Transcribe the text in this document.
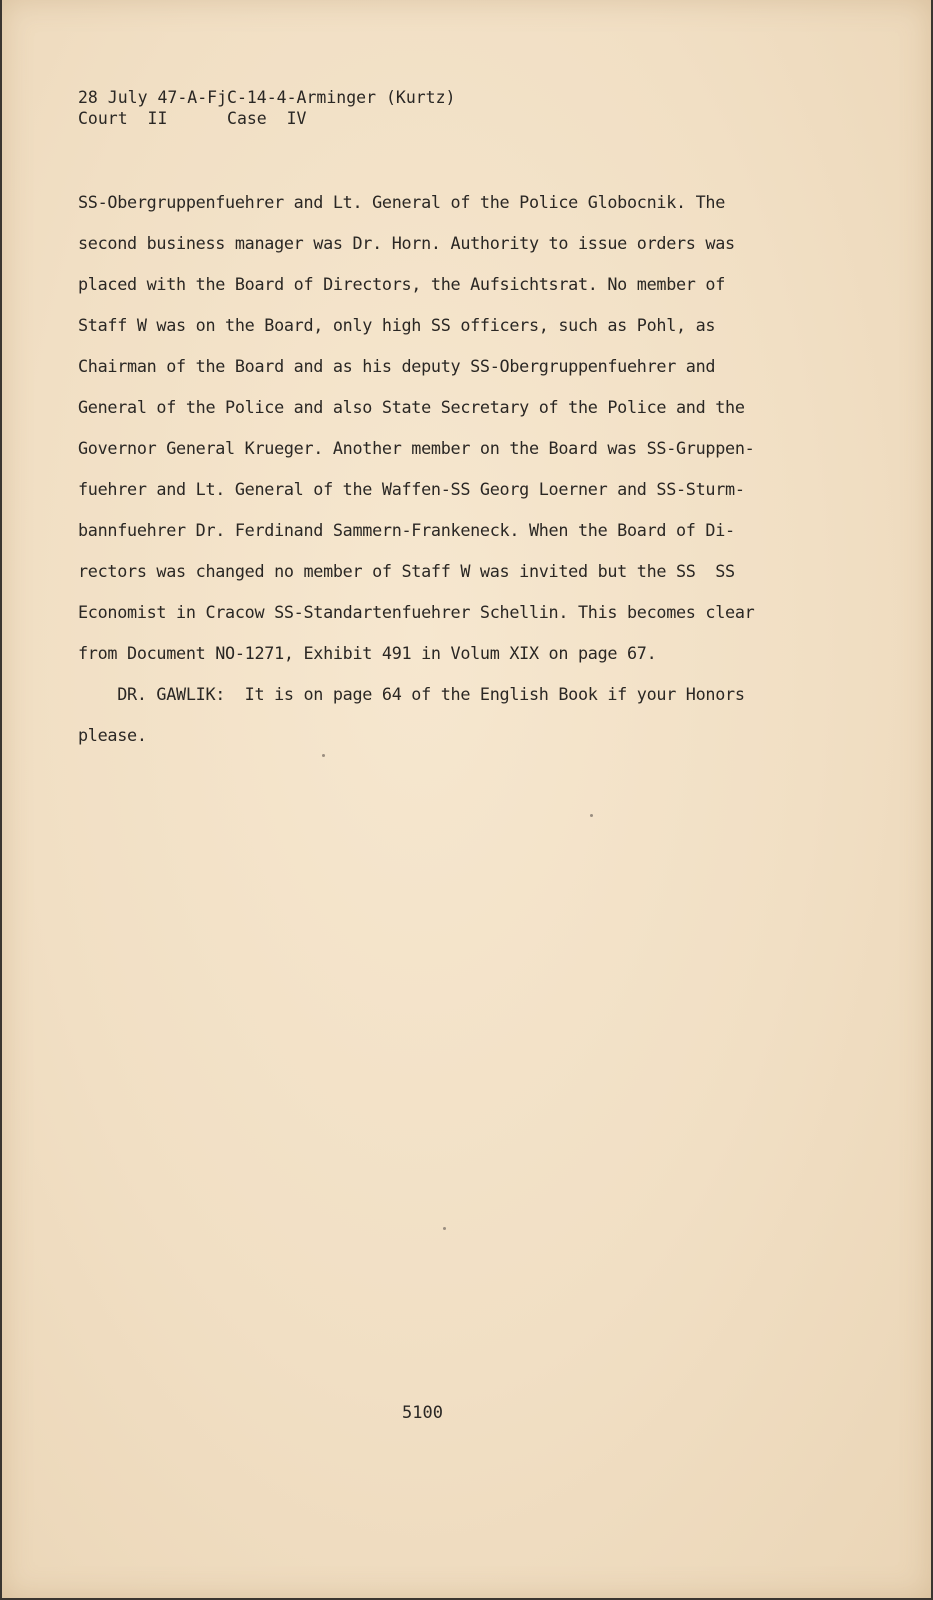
28 July 47-A-FjC-14-4-Arminger (Kurtz)
Court  II      Case  IV
SS-Obergruppenfuehrer and Lt. General of the Police Globocnik. The
second business manager was Dr. Horn. Authority to issue orders was
placed with the Board of Directors, the Aufsichtsrat. No member of
Staff W was on the Board, only high SS officers, such as Pohl, as
Chairman of the Board and as his deputy SS-Obergruppenfuehrer and
General of the Police and also State Secretary of the Police and the
Governor General Krueger. Another member on the Board was SS-Gruppen-
fuehrer and Lt. General of the Waffen-SS Georg Loerner and SS-Sturm-
bannfuehrer Dr. Ferdinand Sammern-Frankeneck. When the Board of Di-
rectors was changed no member of Staff W was invited but the SS  SS
Economist in Cracow SS-Standartenfuehrer Schellin. This becomes clear
from Document NO-1271, Exhibit 491 in Volum XIX on page 67.
DR. GAWLIK:  It is on page 64 of the English Book if your Honors
please.
5100
